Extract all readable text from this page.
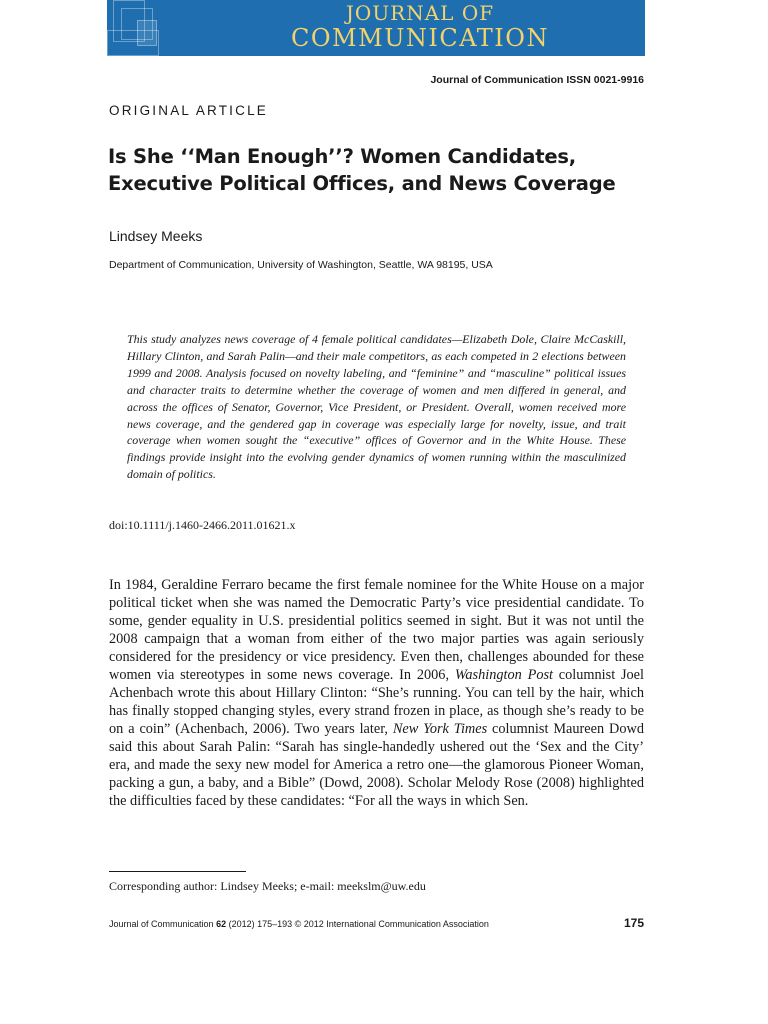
JOURNAL OF
COMMUNICATION
Journal of Communication ISSN 0021-9916
ORIGINAL ARTICLE
Is She ‘‘Man Enough’’? Women Candidates, Executive Political Offices, and News Coverage
Lindsey Meeks
Department of Communication, University of Washington, Seattle, WA 98195, USA
This study analyzes news coverage of 4 female political candidates—Elizabeth Dole, Claire McCaskill, Hillary Clinton, and Sarah Palin—and their male competitors, as each competed in 2 elections between 1999 and 2008. Analysis focused on novelty labeling, and “feminine” and “masculine” political issues and character traits to determine whether the coverage of women and men differed in general, and across the offices of Senator, Governor, Vice President, or President. Overall, women received more news coverage, and the gendered gap in coverage was especially large for novelty, issue, and trait coverage when women sought the “executive” offices of Governor and in the White House. These findings provide insight into the evolving gender dynamics of women running within the masculinized domain of politics.
doi:10.1111/j.1460-2466.2011.01621.x

In 1984, Geraldine Ferraro became the first female nominee for the White House on a major political ticket when she was named the Democratic Party’s vice presidential candidate. To some, gender equality in U.S. presidential politics seemed in sight. But it was not until the 2008 campaign that a woman from either of the two major parties was again seriously considered for the presidency or vice presidency. Even then, challenges abounded for these women via stereotypes in some news coverage. In 2006, Washington Post columnist Joel Achenbach wrote this about Hillary Clinton: “She’s running. You can tell by the hair, which has finally stopped changing styles, every strand frozen in place, as though she’s ready to be on a coin” (Achenbach, 2006). Two years later, New York Times columnist Maureen Dowd said this about Sarah Palin: “Sarah has single-handedly ushered out the ‘Sex and the City’ era, and made the sexy new model for America a retro one—the glamorous Pioneer Woman, packing a gun, a baby, and a Bible” (Dowd, 2008). Scholar Melody Rose (2008) highlighted the difficulties faced by these candidates: “For all the ways in which Sen.

Corresponding author: Lindsey Meeks; e-mail: meekslm@uw.edu
Journal of Communication 62 (2012) 175–193 © 2012 International Communication Association	175
